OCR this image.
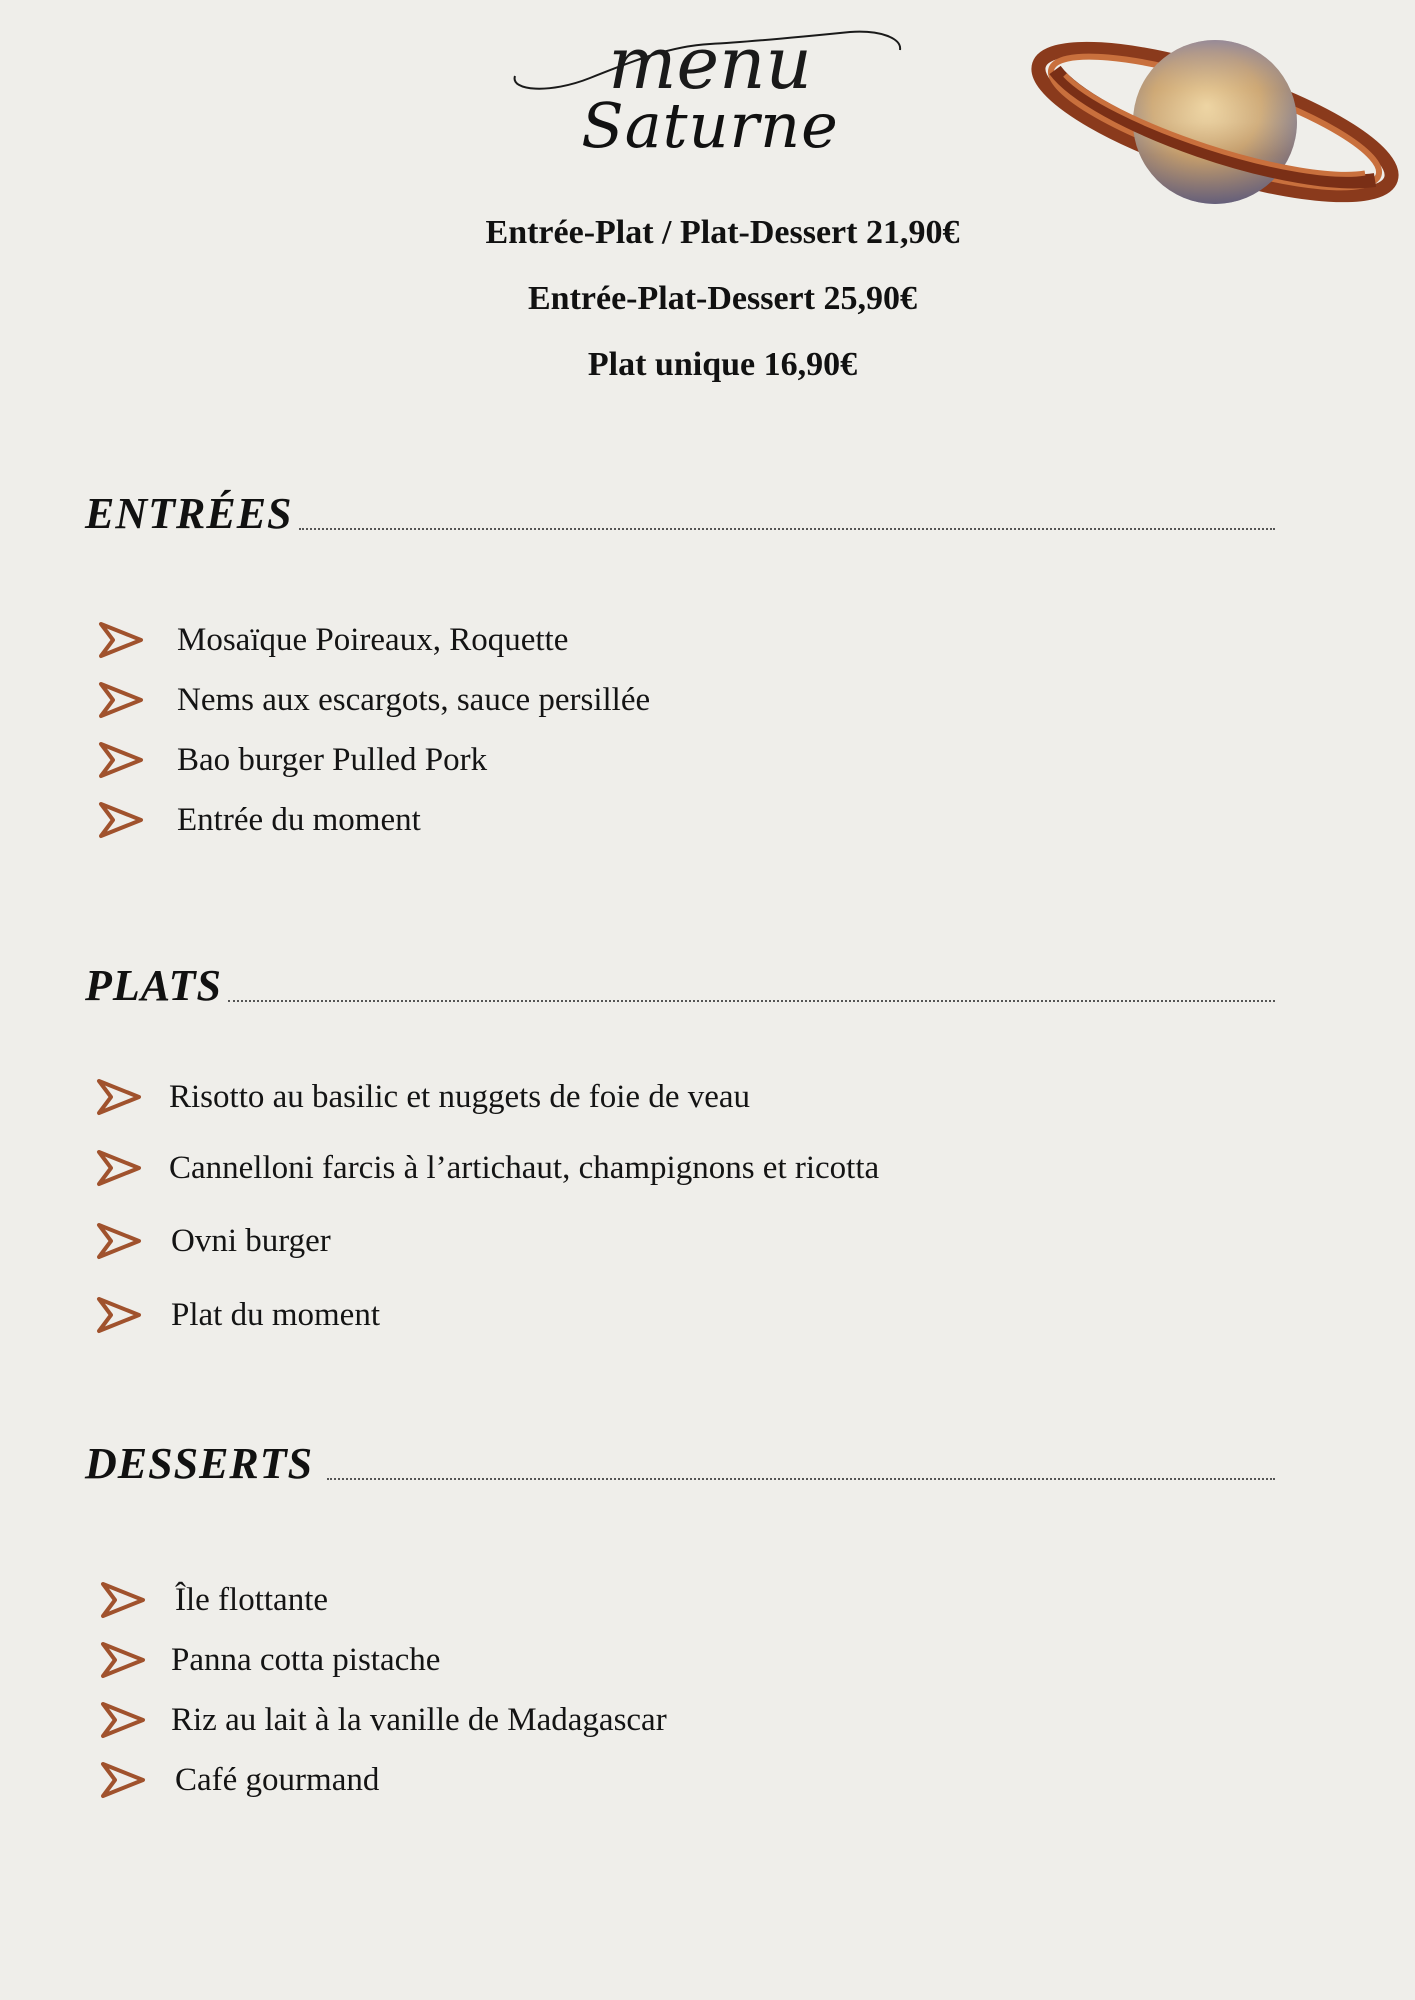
menu
Saturne
Entrée-Plat / Plat-Dessert 21,90€
Entrée-Plat-Dessert 25,90€
Plat unique 16,90€
ENTRÉES
Mosaïque Poireaux, Roquette
Nems aux escargots, sauce persillée
Bao burger Pulled Pork
Entrée du moment
PLATS
Risotto au basilic et nuggets de foie de veau
Cannelloni farcis à l’artichaut, champignons et ricotta
Ovni burger
Plat du moment
DESSERTS
Île flottante
Panna cotta pistache
Riz au lait à la vanille de Madagascar
Café gourmand
